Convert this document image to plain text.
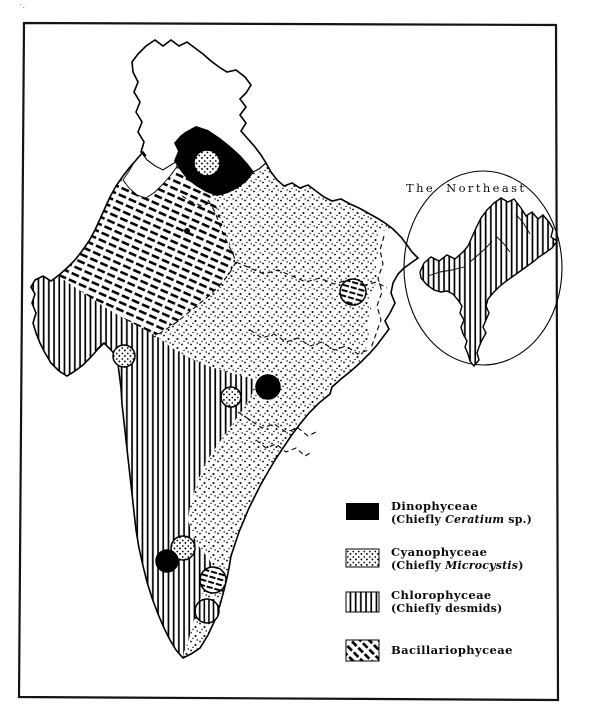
·.
The Northeast
Dinophyceae
(Chiefly Ceratium sp.)
Cyanophyceae
(Chiefly Microcystis)
Chlorophyceae
(Chiefly desmids)
Bacillariophyceae
